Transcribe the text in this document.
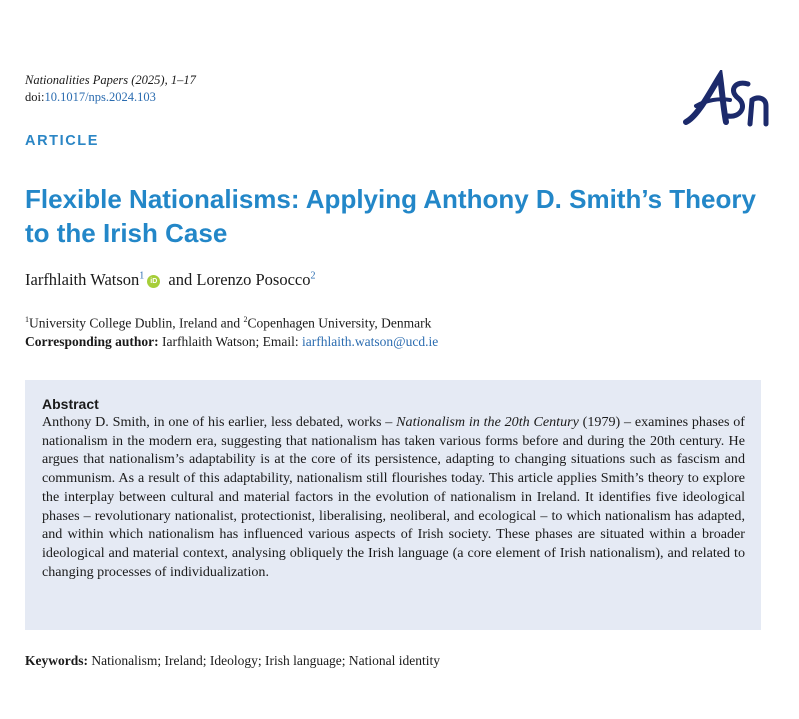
Nationalities Papers (2025), 1–17
doi:10.1017/nps.2024.103
ARTICLE
Flexible Nationalisms: Applying Anthony D. Smith’s Theory to the Irish Case
Iarfhlaith Watson$^1$ iD and Lorenzo Posocco$^2$
$^1$University College Dublin, Ireland and $^2$Copenhagen University, Denmark
Corresponding author: Iarfhlaith Watson; Email: iarfhlaith.watson@ucd.ie
Abstract

Anthony D. Smith, in one of his earlier, less debated, works – Nationalism in the 20th Century (1979) – examines phases of nationalism in the modern era, suggesting that nationalism has taken various forms before and during the 20th century. He argues that nationalism’s adaptability is at the core of its persistence, adapting to changing situations such as fascism and communism. As a result of this adaptability, nationalism still flourishes today. This article applies Smith’s theory to explore the interplay between cultural and material factors in the evolution of nationalism in Ireland. It identifies five ideological phases – revolutionary nationalist, protectionist, liberalising, neoliberal, and ecological – to which nationalism has adapted, and within which nationalism has influenced various aspects of Irish society. These phases are situated within a broader ideological and material context, analysing obliquely the Irish language (a core element of Irish nationalism), and related to changing processes of individualization.

Keywords: Nationalism; Ireland; Ideology; Irish language; National identity
